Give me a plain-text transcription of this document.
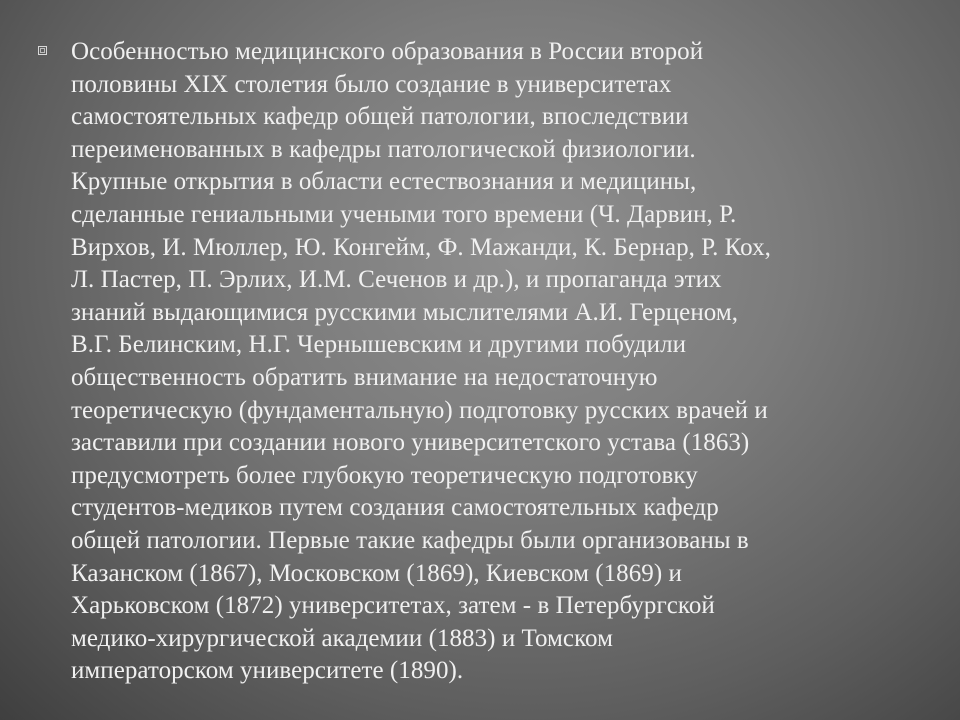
Особенностью медицинского образования в России второй
половины XIX столетия было создание в университетах
самостоятельных кафедр общей патологии, впоследствии
переименованных в кафедры патологической физиологии.
Крупные открытия в области естествознания и медицины,
сделанные гениальными учеными того времени (Ч. Дарвин, Р.
Вирхов, И. Мюллер, Ю. Конгейм, Ф. Мажанди, К. Бернар, Р. Кох,
Л. Пастер, П. Эрлих, И.М. Сеченов и др.), и пропаганда этих
знаний выдающимися русскими мыслителями А.И. Герценом,
В.Г. Белинским, Н.Г. Чернышевским и другими побудили
общественность обратить внимание на недостаточную
теоретическую (фундаментальную) подготовку русских врачей и
заставили при создании нового университетского устава (1863)
предусмотреть более глубокую теоретическую подготовку
студентов-медиков путем создания самостоятельных кафедр
общей патологии. Первые такие кафедры были организованы в
Казанском (1867), Московском (1869), Киевском (1869) и
Харьковском (1872) университетах, затем - в Петербургской
медико-хирургической академии (1883) и Томском
императорском университете (1890).
